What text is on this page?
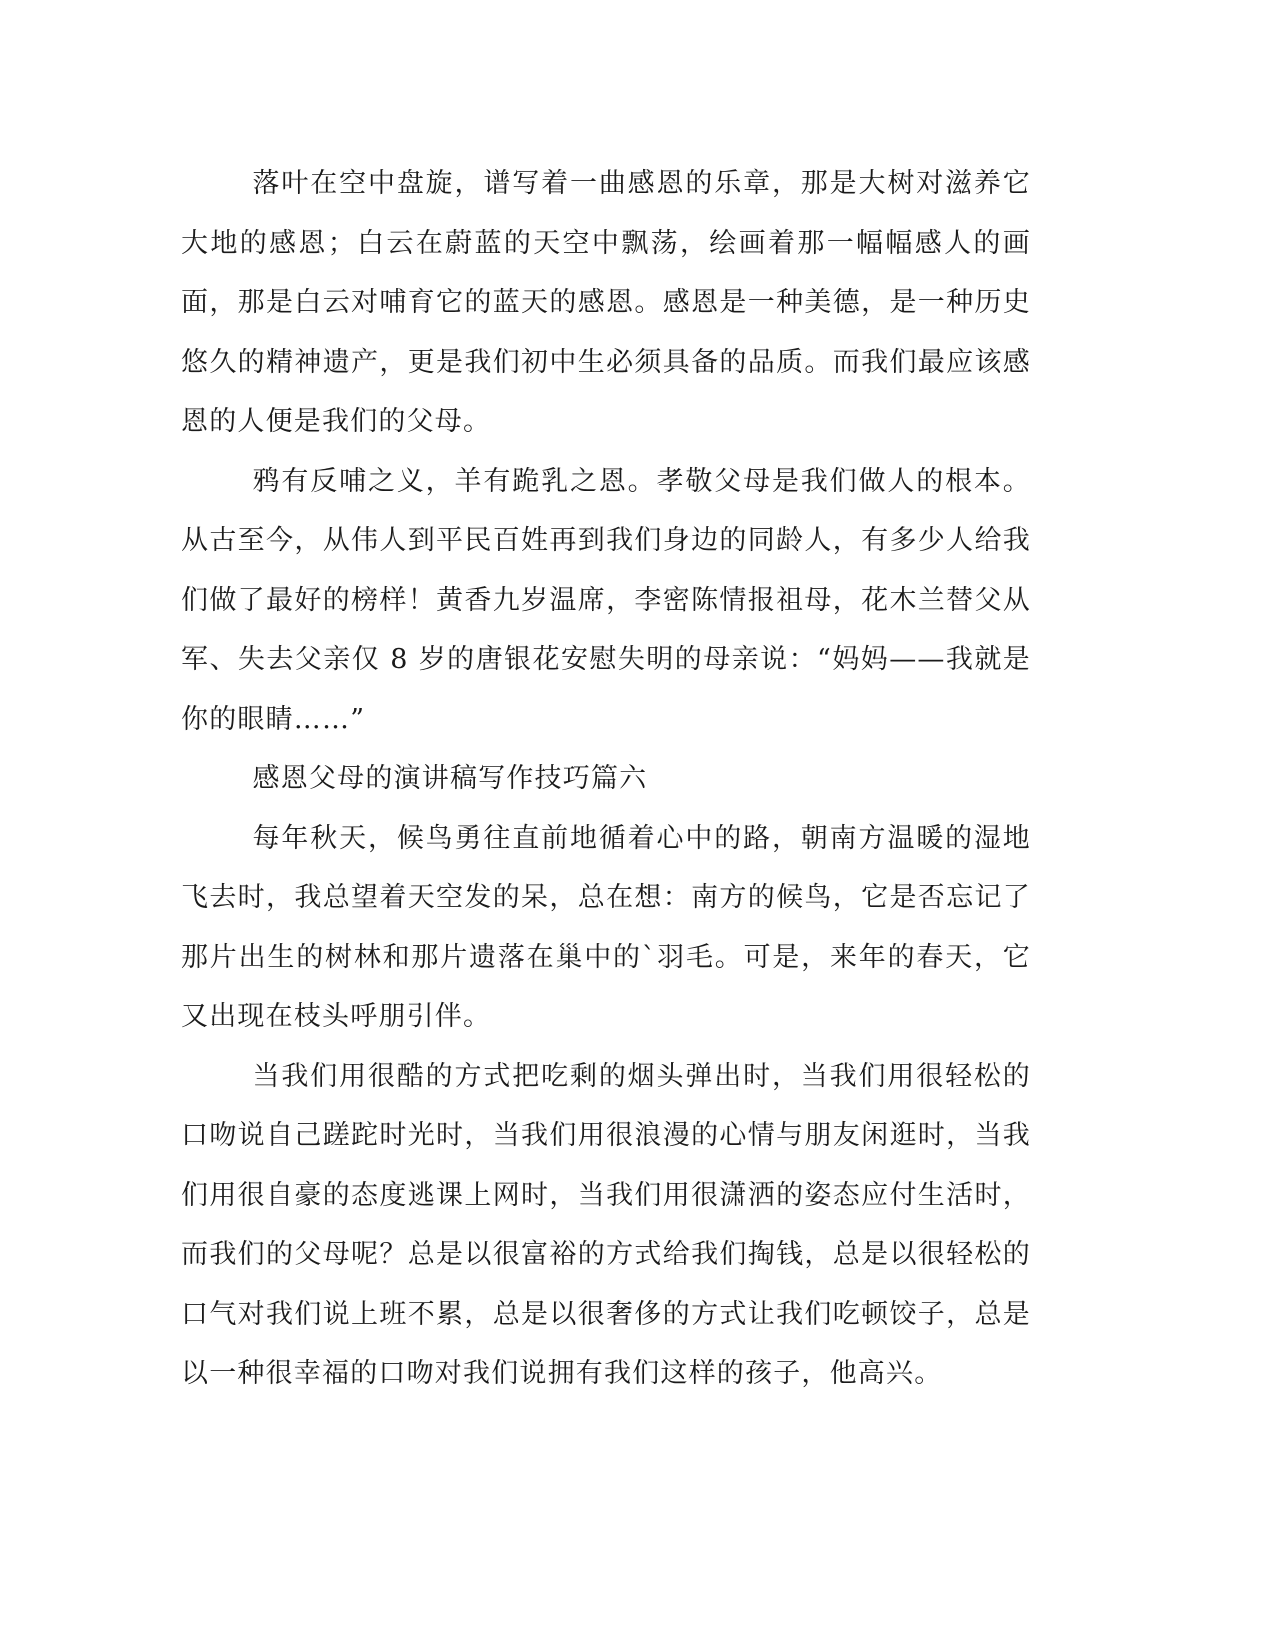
落叶在空中盘旋，谱写着一曲感恩的乐章，那是大树对滋养它大地的感恩；白云在蔚蓝的天空中飘荡，绘画着那一幅幅感人的画面，那是白云对哺育它的蓝天的感恩。感恩是一种美德，是一种历史悠久的精神遗产，更是我们初中生必须具备的品质。而我们最应该感恩的人便是我们的父母。

鸦有反哺之义，羊有跪乳之恩。孝敬父母是我们做人的根本。从古至今，从伟人到平民百姓再到我们身边的同龄人，有多少人给我们做了最好的榜样！黄香九岁温席，李密陈情报祖母，花木兰替父从军、失去父亲仅 8 岁的唐银花安慰失明的母亲说：“妈妈——我就是你的眼睛……”

感恩父母的演讲稿写作技巧篇六

每年秋天，候鸟勇往直前地循着心中的路，朝南方温暖的湿地飞去时，我总望着天空发的呆，总在想：南方的候鸟，它是否忘记了那片出生的树林和那片遗落在巢中的`羽毛。可是，来年的春天，它又出现在枝头呼朋引伴。

当我们用很酷的方式把吃剩的烟头弹出时，当我们用很轻松的口吻说自己蹉跎时光时，当我们用很浪漫的心情与朋友闲逛时，当我们用很自豪的态度逃课上网时，当我们用很潇洒的姿态应付生活时，而我们的父母呢？总是以很富裕的方式给我们掏钱，总是以很轻松的口气对我们说上班不累，总是以很奢侈的方式让我们吃顿饺子，总是以一种很幸福的口吻对我们说拥有我们这样的孩子，他高兴。
